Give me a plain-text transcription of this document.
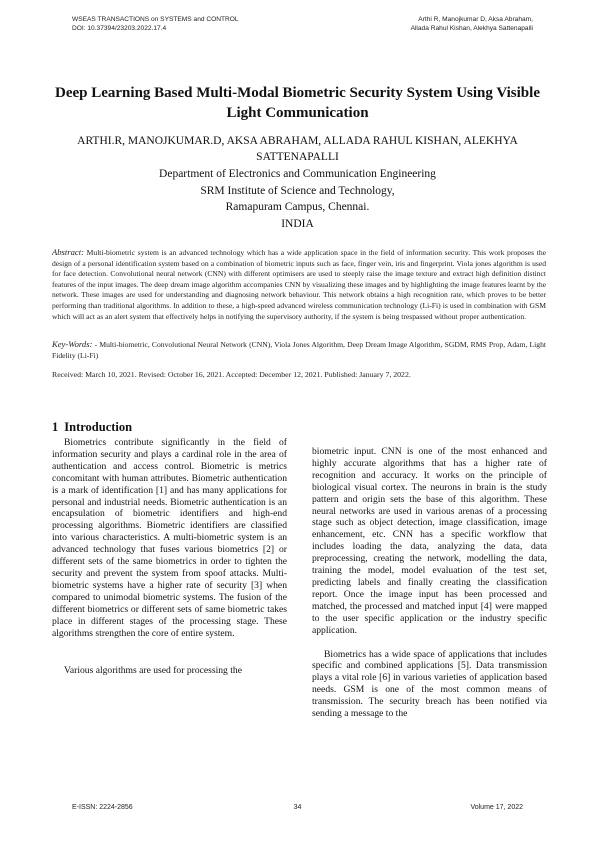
WSEAS TRANSACTIONS on SYSTEMS and CONTROL
DOI: 10.37394/23203.2022.17.4
Arthi R, Manojkumar D, Aksa Abraham,
Allada Rahul Kishan, Alekhya Sattenapalli
Deep Learning Based Multi-Modal Biometric Security System Using Visible Light Communication
ARTHI.R, MANOJKUMAR.D, AKSA ABRAHAM, ALLADA RAHUL KISHAN, ALEKHYA SATTENAPALLI
Department of Electronics and Communication Engineering
SRM Institute of Science and Technology,
Ramapuram Campus, Chennai.
INDIA
Abstract: Multi-biometric system is an advanced technology which has a wide application space in the field of information security. This work proposes the design of a personal identification system based on a combination of biometric inputs such as face, finger vein, iris and fingerprint. Viola jones algorithm is used for face detection. Convolutional neural network (CNN) with different optimisers are used to steeply raise the image texture and extract high definition distinct features of the input images. The deep dream image algorithm accompanies CNN by visualizing these images and by highlighting the image features learnt by the network. These images are used for understanding and diagnosing network behaviour. This network obtains a high recognition rate, which proves to be better performing than traditional algorithms. In addition to these, a high-speed advanced wireless communication technology (Li-Fi) is used in combination with GSM which will act as an alert system that effectively helps in notifying the supervisory authority, if the system is being trespassed without proper authentication.
Key-Words: - Multi-biometric, Convolutional Neural Network (CNN), Viola Jones Algorithm, Deep Dream Image Algorithm, SGDM, RMS Prop, Adam, Light Fidelity (Li-Fi)
Received: March 10, 2021. Revised: October 16, 2021. Accepted: December 12, 2021. Published: January 7, 2022.
1 Introduction

Biometrics contribute significantly in the field of information security and plays a cardinal role in the area of authentication and access control. Biometric is metrics concomitant with human attributes. Biometric authentication is a mark of identification [1] and has many applications for personal and industrial needs. Biometric authentication is an encapsulation of biometric identifiers and high-end processing algorithms. Biometric identifiers are classified into various characteristics. A multi-biometric system is an advanced technology that fuses various biometrics [2] or different sets of the same biometrics in order to tighten the security and prevent the system from spoof attacks. Multi-biometric systems have a higher rate of security [3] when compared to unimodal biometric systems. The fusion of the different biometrics or different sets of same biometric takes place in different stages of the processing stage. These algorithms strengthen the core of entire system.

Various algorithms are used for processing the

biometric input. CNN is one of the most enhanced and highly accurate algorithms that has a higher rate of recognition and accuracy. It works on the principle of biological visual cortex. The neurons in brain is the study pattern and origin sets the base of this algorithm. These neural networks are used in various arenas of a processing stage such as object detection, image classification, image enhancement, etc. CNN has a specific workflow that includes loading the data, analyzing the data, data preprocessing, creating the network, modelling the data, training the model, model evaluation of the test set, predicting labels and finally creating the classification report. Once the image input has been processed and matched, the processed and matched input [4] were mapped to the user specific application or the industry specific application.

Biometrics has a wide space of applications that includes specific and combined applications [5]. Data transmission plays a vital role [6] in various varieties of application based needs. GSM is one of the most common means of transmission. The security breach has been notified via sending a message to the

E-ISSN: 2224-2856	34	Volume 17, 2022
